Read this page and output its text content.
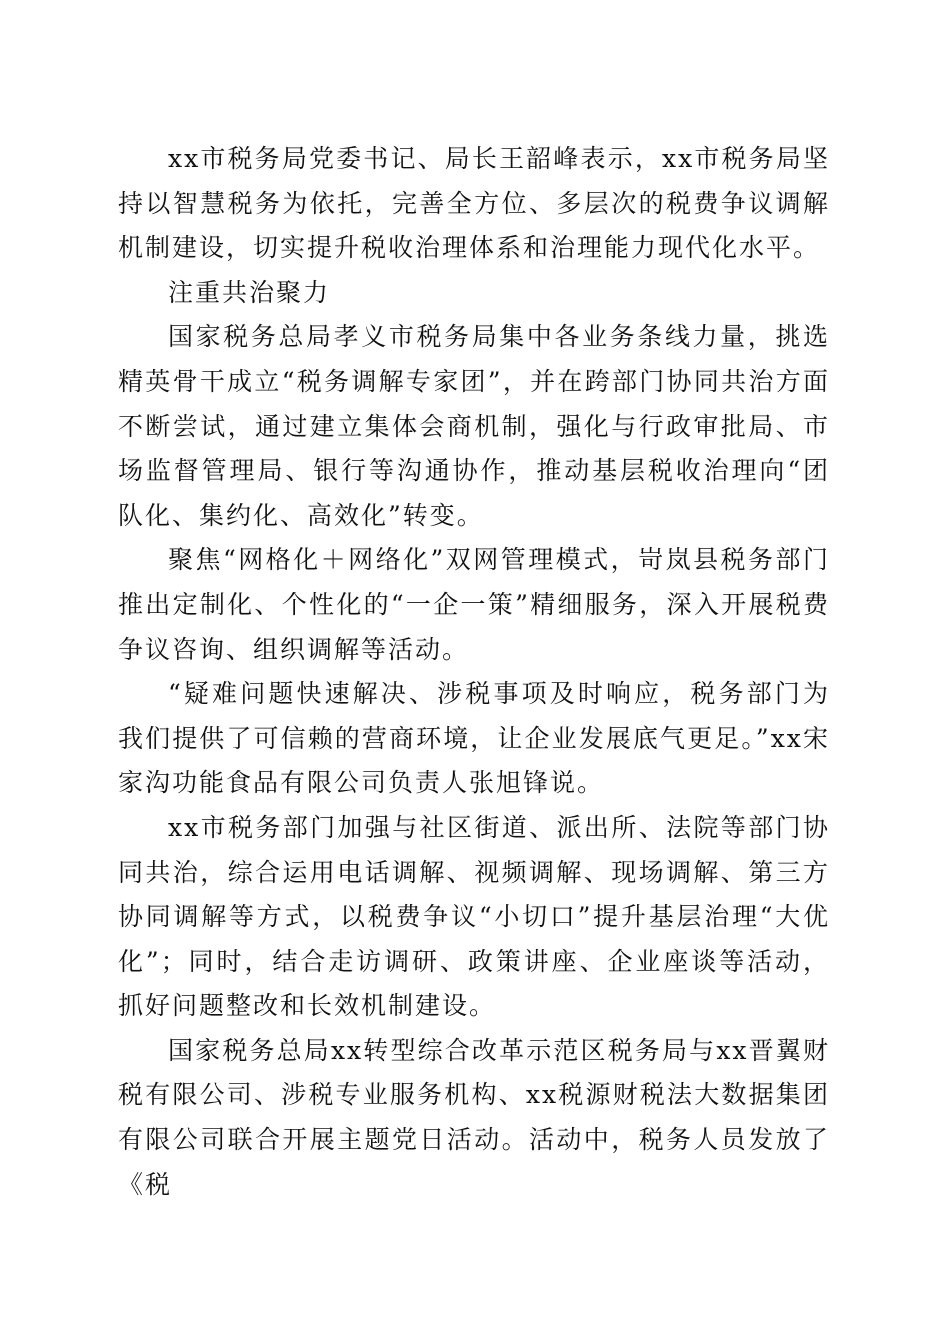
xx市税务局党委书记、局长王韶峰表示，xx市税务局坚持以智慧税务为依托，完善全方位、多层次的税费争议调解机制建设，切实提升税收治理体系和治理能力现代化水平。

注重共治聚力

国家税务总局孝义市税务局集中各业务条线力量，挑选精英骨干成立“税务调解专家团”，并在跨部门协同共治方面不断尝试，通过建立集体会商机制，强化与行政审批局、市场监督管理局、银行等沟通协作，推动基层税收治理向“团队化、集约化、高效化”转变。

聚焦“网格化＋网络化”双网管理模式，岢岚县税务部门推出定制化、个性化的“一企一策”精细服务，深入开展税费争议咨询、组织调解等活动。

“疑难问题快速解决、涉税事项及时响应，税务部门为我们提供了可信赖的营商环境，让企业发展底气更足。”xx宋家沟功能食品有限公司负责人张旭锋说。

xx市税务部门加强与社区街道、派出所、法院等部门协同共治，综合运用电话调解、视频调解、现场调解、第三方协同调解等方式，以税费争议“小切口”提升基层治理“大优化”；同时，结合走访调研、政策讲座、企业座谈等活动，抓好问题整改和长效机制建设。

国家税务总局xx转型综合改革示范区税务局与xx晋翼财税有限公司、涉税专业服务机构、xx税源财税法大数据集团有限公司联合开展主题党日活动。活动中，税务人员发放了《税
